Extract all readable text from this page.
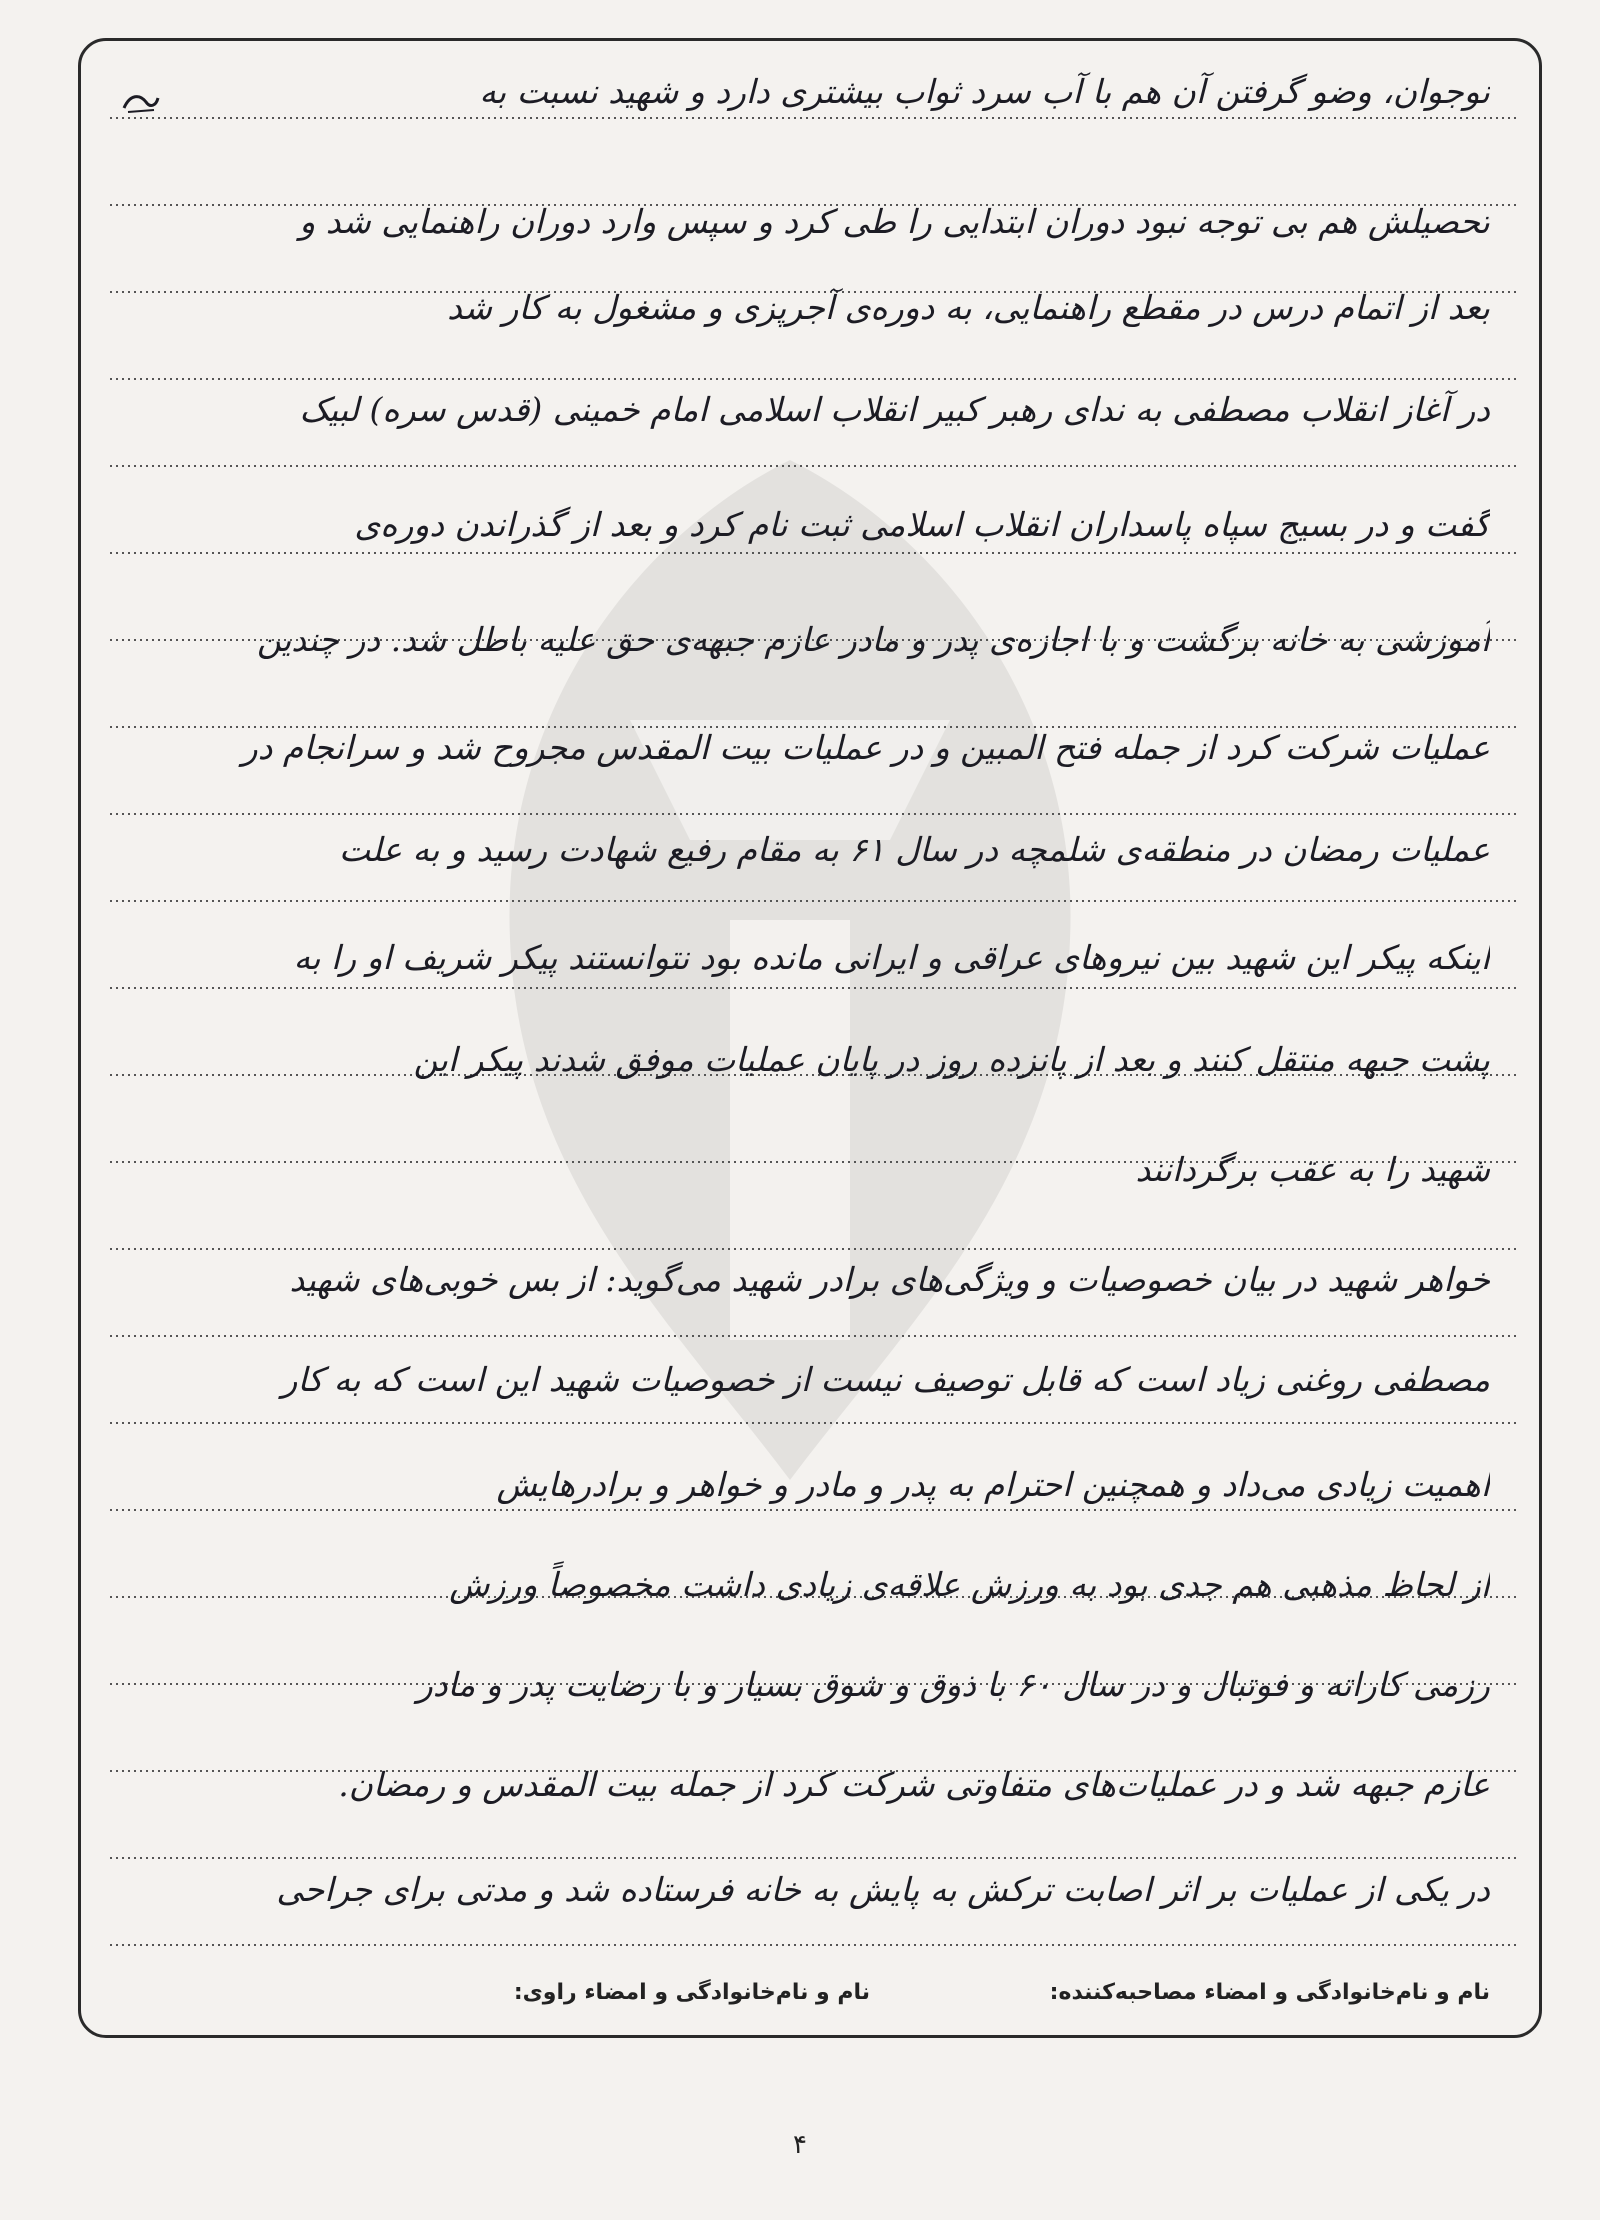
نوجوان، وضو گرفتن آن هم با آب سرد ثواب بیشتری دارد و شهید نسبت به
تحصیلش هم بی توجه نبود دوران ابتدایی را طی کرد و سپس وارد دوران راهنمایی شد و
بعد از اتمام درس در مقطع راهنمایی، به دوره‌ی آجرپزی و مشغول به کار شد
در آغاز انقلاب مصطفی به ندای رهبر کبیر انقلاب اسلامی امام خمینی (قدس سره) لبیک
گفت و در بسیج سپاه پاسداران انقلاب اسلامی ثبت نام کرد و بعد از گذراندن دوره‌ی
آموزشی به خانه برگشت و با اجازه‌ی پدر و مادر عازم جبهه‌ی حق علیه باطل شد. در چندین
عملیات شرکت کرد از جمله فتح المبین و در عملیات بیت المقدس مجروح شد و سرانجام در
عملیات رمضان در منطقه‌ی شلمچه در سال ۶۱ به مقام رفیع شهادت رسید و به علت
اینکه پیکر این شهید بین نیروهای عراقی و ایرانی مانده بود نتوانستند پیکر شریف او را به
پشت جبهه منتقل کنند و بعد از پانزده روز در پایان عملیات موفق شدند پیکر این
شهید را به عقب برگردانند
خواهر شهید در بیان خصوصیات و ویژگی‌های برادر شهید می‌گوید: از بس خوبی‌های شهید
مصطفی روغنی زیاد است که قابل توصیف نیست از خصوصیات شهید این است که به کار
اهمیت زیادی می‌داد و همچنین احترام به پدر و مادر و خواهر و برادرهایش
از لحاظ مذهبی هم جدی بود به ورزش علاقه‌ی زیادی داشت مخصوصاً ورزش
رزمی کاراته و فوتبال و در سال ۶۰ با ذوق و شوق بسیار و با رضایت پدر و مادر
عازم جبهه شد و در عملیات‌های متفاوتی شرکت کرد از جمله بیت المقدس و رمضان.
در یکی از عملیات بر اثر اصابت ترکش به پایش به خانه فرستاده شد و مدتی برای جراحی
نام و نام‌خانوادگی و امضاء مصاحبه‌کننده:
نام و نام‌خانوادگی و امضاء راوی:
۴
